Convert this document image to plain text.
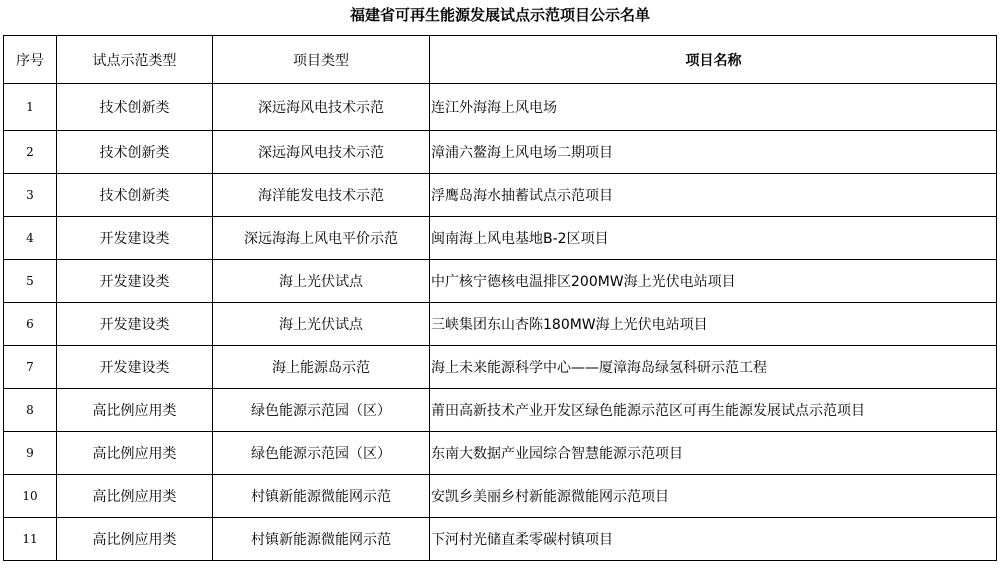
福建省可再生能源发展试点示范项目公示名单
序号	试点示范类型	项目类型	项目名称
1	技术创新类	深远海风电技术示范	连江外海海上风电场
2	技术创新类	深远海风电技术示范	漳浦六鳌海上风电场二期项目
3	技术创新类	海洋能发电技术示范	浮鹰岛海水抽蓄试点示范项目
4	开发建设类	深远海海上风电平价示范	闽南海上风电基地B-2区项目
5	开发建设类	海上光伏试点	中广核宁德核电温排区200MW海上光伏电站项目
6	开发建设类	海上光伏试点	三峡集团东山杏陈180MW海上光伏电站项目
7	开发建设类	海上能源岛示范	海上未来能源科学中心——厦漳海岛绿氢科研示范工程
8	高比例应用类	绿色能源示范园（区）	莆田高新技术产业开发区绿色能源示范区可再生能源发展试点示范项目
9	高比例应用类	绿色能源示范园（区）	东南大数据产业园综合智慧能源示范项目
10	高比例应用类	村镇新能源微能网示范	安凯乡美丽乡村新能源微能网示范项目
11	高比例应用类	村镇新能源微能网示范	下河村光储直柔零碳村镇项目
